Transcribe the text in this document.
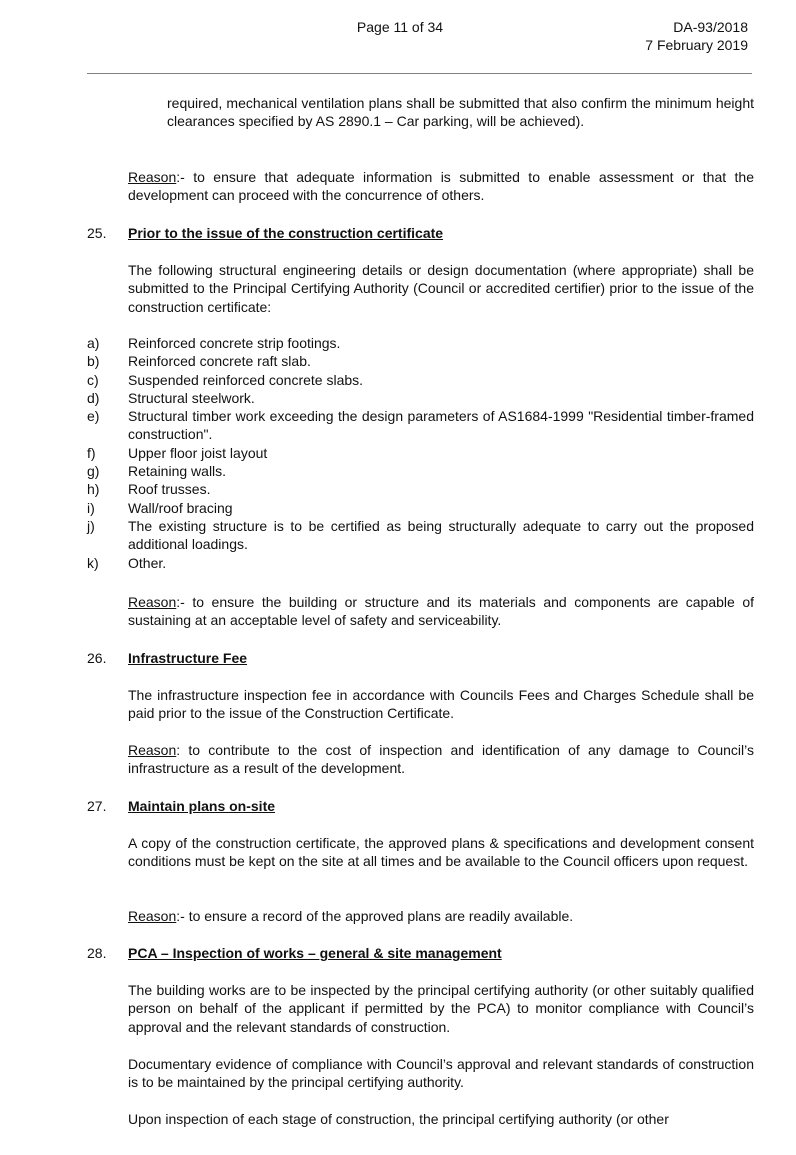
Page 11 of 34	DA-93/2018
7 February 2019

required, mechanical ventilation plans shall be submitted that also confirm the minimum height clearances specified by AS 2890.1 – Car parking, will be achieved).

Reason:- to ensure that adequate information is submitted to enable assessment or that the development can proceed with the concurrence of others.

25. Prior to the issue of the construction certificate

The following structural engineering details or design documentation (where appropriate) shall be submitted to the Principal Certifying Authority (Council or accredited certifier) prior to the issue of the construction certificate:

a)	Reinforced concrete strip footings.
b)	Reinforced concrete raft slab.
c)	Suspended reinforced concrete slabs.
d)	Structural steelwork.
e)	Structural timber work exceeding the design parameters of AS1684-1999 "Residential timber-framed construction".
f)	Upper floor joist layout
g)	Retaining walls.
h)	Roof trusses.
i)	Wall/roof bracing
j)	The existing structure is to be certified as being structurally adequate to carry out the proposed additional loadings.
k)	Other.

Reason:- to ensure the building or structure and its materials and components are capable of sustaining at an acceptable level of safety and serviceability.

26. Infrastructure Fee

The infrastructure inspection fee in accordance with Councils Fees and Charges Schedule shall be paid prior to the issue of the Construction Certificate.

Reason: to contribute to the cost of inspection and identification of any damage to Council’s infrastructure as a result of the development.

27. Maintain plans on-site

A copy of the construction certificate, the approved plans & specifications and development consent conditions must be kept on the site at all times and be available to the Council officers upon request.

Reason:- to ensure a record of the approved plans are readily available.

28. PCA – Inspection of works – general & site management

The building works are to be inspected by the principal certifying authority (or other suitably qualified person on behalf of the applicant if permitted by the PCA) to monitor compliance with Council’s approval and the relevant standards of construction.

Documentary evidence of compliance with Council’s approval and relevant standards of construction is to be maintained by the principal certifying authority.

Upon inspection of each stage of construction, the principal certifying authority (or other
